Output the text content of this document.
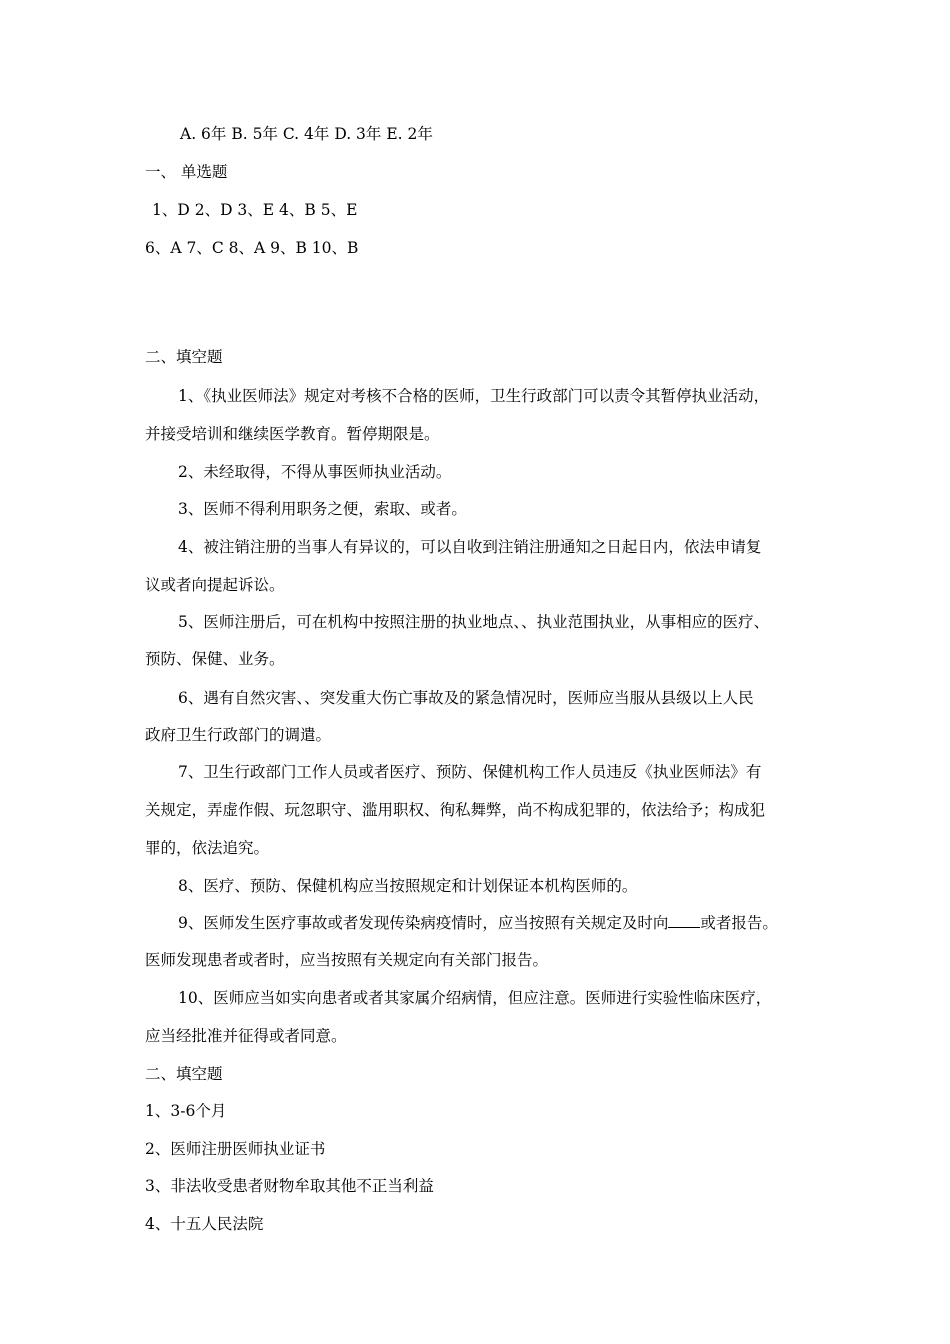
A. 6年 B. 5年 C. 4年 D. 3年 E. 2年
一、 单选题
1、D 2、D 3、E 4、B 5、E
6、A 7、C 8、A 9、B 10、B
二、填空题
1、《执业医师法》规定对考核不合格的医师，卫生行政部门可以责令其暂停执业活动，
并接受培训和继续医学教育。暂停期限是。
2、未经取得，不得从事医师执业活动。
3、医师不得利用职务之便，索取、或者。
4、被注销注册的当事人有异议的，可以自收到注销注册通知之日起日内，依法申请复
议或者向提起诉讼。
5、医师注册后，可在机构中按照注册的执业地点、、执业范围执业，从事相应的医疗、
预防、保健、业务。
6、遇有自然灾害、、突发重大伤亡事故及的紧急情况时，医师应当服从县级以上人民
政府卫生行政部门的调遣。
7、卫生行政部门工作人员或者医疗、预防、保健机构工作人员违反《执业医师法》有
关规定，弄虚作假、玩忽职守、滥用职权、徇私舞弊，尚不构成犯罪的，依法给予；构成犯
罪的，依法追究。
8、医疗、预防、保健机构应当按照规定和计划保证本机构医师的。
9、医师发生医疗事故或者发现传染病疫情时，应当按照有关规定及时向 或者报告。
医师发现患者或者时，应当按照有关规定向有关部门报告。
10、医师应当如实向患者或者其家属介绍病情，但应注意。医师进行实验性临床医疗，
应当经批准并征得或者同意。
二、填空题
1、3-6个月
2、医师注册医师执业证书
3、非法收受患者财物牟取其他不正当利益
4、十五人民法院
